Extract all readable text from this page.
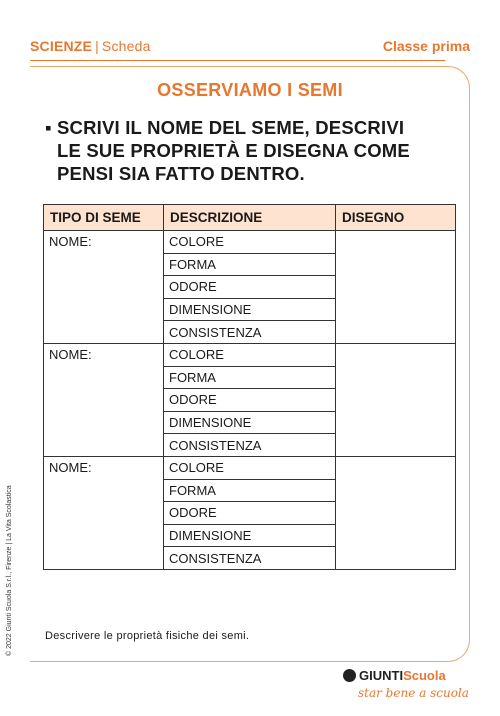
SCIENZE | Scheda	Classe prima
OSSERVIAMO I SEMI
▪ SCRIVI IL NOME DEL SEME, DESCRIVI
LE SUE PROPRIETÀ E DISEGNA COME
PENSI SIA FATTO DENTRO.
TIPO DI SEME	DESCRIZIONE	DISEGNO
NOME:	COLORE	
	FORMA	
	ODORE	
	DIMENSIONE	
	CONSISTENZA	
NOME:	COLORE	
	FORMA	
	ODORE	
	DIMENSIONE	
	CONSISTENZA	
NOME:	COLORE	
	FORMA	
	ODORE	
	DIMENSIONE	
	CONSISTENZA	
Descrivere le proprietà fisiche dei semi.
© 2022 Giunti Scuola S.r.l., Firenze | La Vita Scolastica
GIUNTIScuola
star bene a scuola
